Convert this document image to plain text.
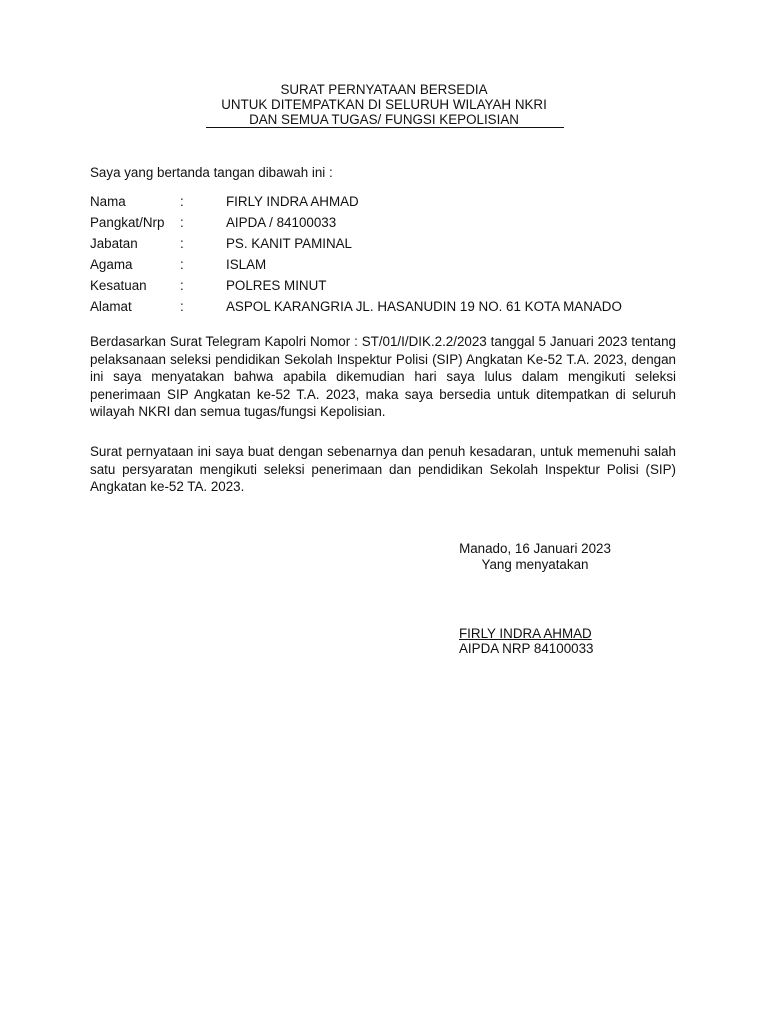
SURAT PERNYATAAN BERSEDIA
UNTUK DITEMPATKAN DI SELURUH WILAYAH NKRI
DAN SEMUA TUGAS/ FUNGSI KEPOLISIAN
Saya yang bertanda tangan dibawah ini :
Nama	:	FIRLY INDRA AHMAD
Pangkat/Nrp :	AIPDA / 84100033
Jabatan	:	PS. KANIT PAMINAL
Agama	:	ISLAM
Kesatuan :	POLRES MINUT
Alamat	:	ASPOL KARANGRIA JL. HASANUDIN 19 NO. 61 KOTA MANADO

Berdasarkan Surat Telegram Kapolri Nomor : ST/01/I/DIK.2.2/2023 tanggal 5 Januari 2023 tentang pelaksanaan seleksi pendidikan Sekolah Inspektur Polisi (SIP) Angkatan Ke-52 T.A. 2023, dengan ini saya menyatakan bahwa apabila dikemudian hari saya lulus dalam mengikuti seleksi penerimaan SIP Angkatan ke-52 T.A. 2023, maka saya bersedia untuk ditempatkan di seluruh wilayah NKRI dan semua tugas/fungsi Kepolisian.

Surat pernyataan ini saya buat dengan sebenarnya dan penuh kesadaran, untuk memenuhi salah satu persyaratan mengikuti seleksi penerimaan dan pendidikan Sekolah Inspektur Polisi (SIP) Angkatan ke-52 TA. 2023.

Manado, 16 Januari 2023
Yang menyatakan
FIRLY INDRA AHMAD
AIPDA NRP 84100033
